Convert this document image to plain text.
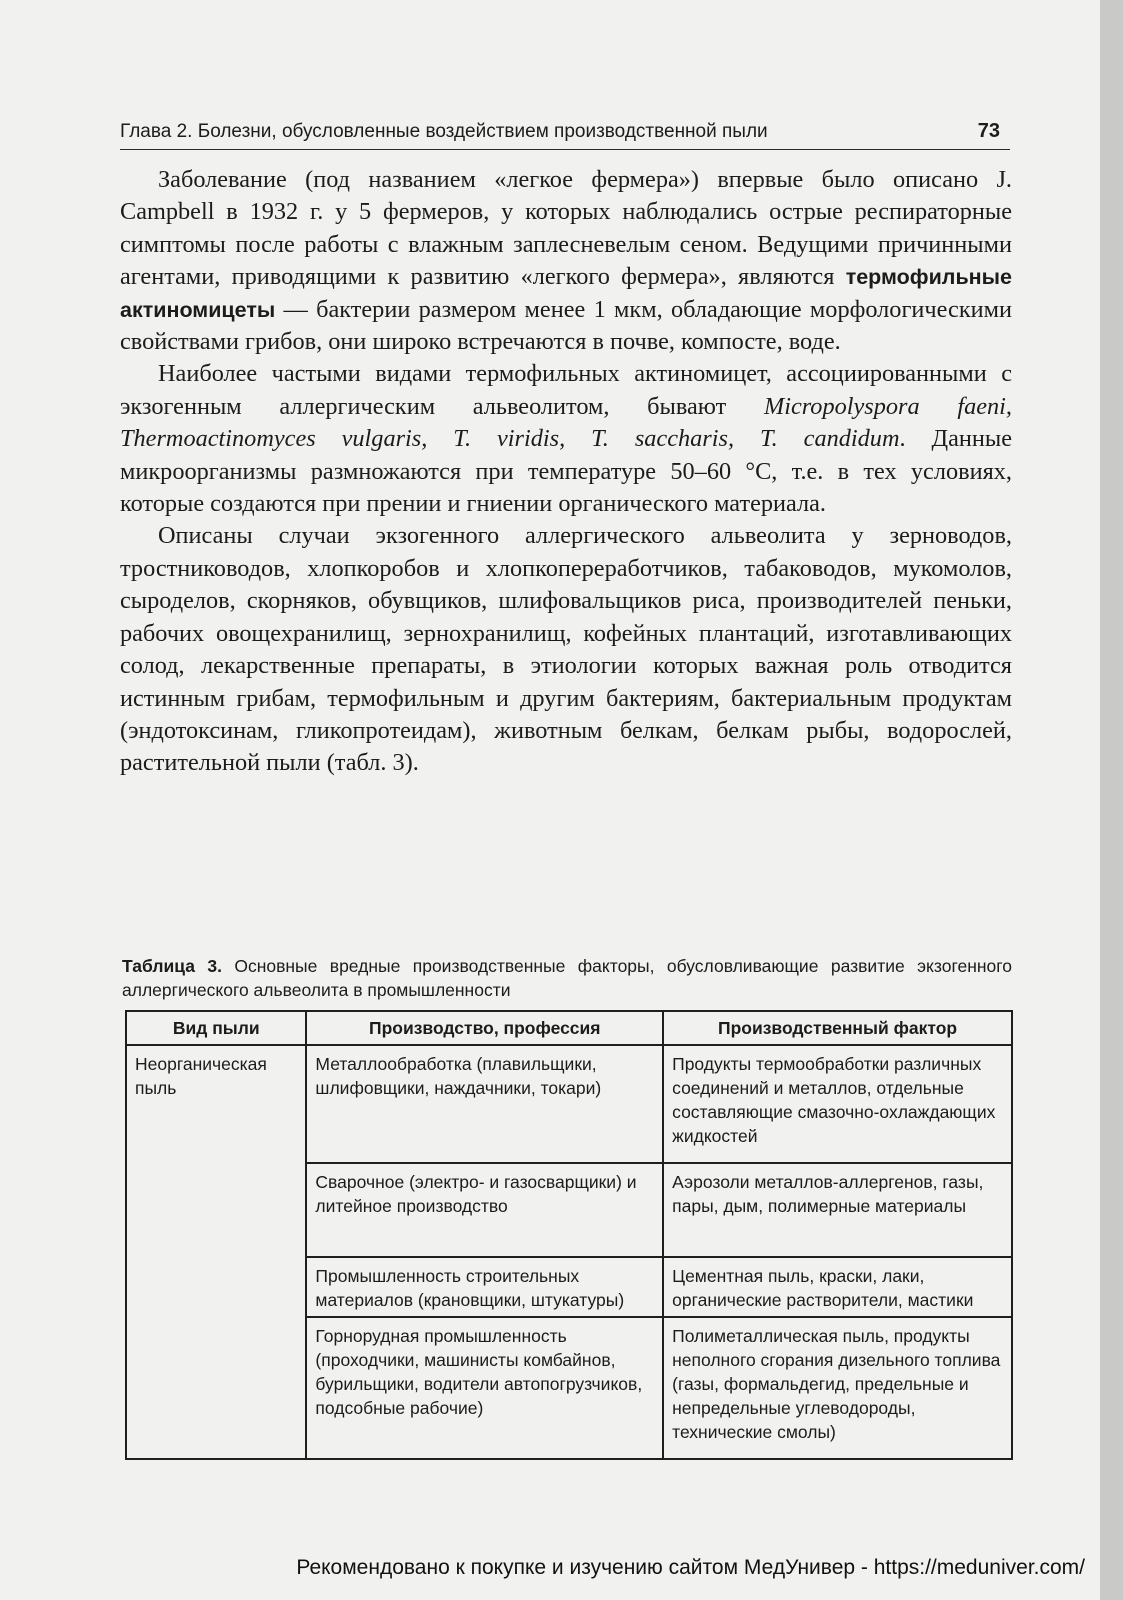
Глава 2. Болезни, обусловленные воздействием производственной пыли	73

Заболевание (под названием «легкое фермера») впервые было описано J. Campbell в 1932 г. у 5 фермеров, у которых наблюдались острые респираторные симптомы после работы с влажным заплесневелым сеном. Ведущими причинными агентами, приводящими к развитию «легкого фермера», являются термофильные актиномицеты — бактерии размером менее 1 мкм, обладающие морфологическими свойствами грибов, они широко встречаются в почве, компосте, воде.

Наиболее частыми видами термофильных актиномицет, ассоциированными с экзогенным аллергическим альвеолитом, бывают Micropolyspora faeni, Thermoactinomyces vulgaris, T. viridis, T. saccharis, T. candidum. Данные микроорганизмы размножаются при температуре 50–60 °С, т.е. в тех условиях, которые создаются при прении и гниении органического материала.

Описаны случаи экзогенного аллергического альвеолита у зерноводов, тростниководов, хлопкоробов и хлопкопереработчиков, табаководов, мукомолов, сыроделов, скорняков, обувщиков, шлифовальщиков риса, производителей пеньки, рабочих овощехранилищ, зернохранилищ, кофейных плантаций, изготавливающих солод, лекарственные препараты, в этиологии которых важная роль отводится истинным грибам, термофильным и другим бактериям, бактериальным продуктам (эндотоксинам, гликопротеидам), животным белкам, белкам рыбы, водорослей, растительной пыли (табл. 3).

Таблица 3. Основные вредные производственные факторы, обусловливающие развитие экзогенного аллергического альвеолита в промышленности
Вид пыли	Производство, профессия	Производственный фактор
Неорганическая пыль	Металлообработка (плавильщики, шлифовщики, наждачники, токари)	Продукты термообработки различных соединений и металлов, отдельные составляющие смазочно-охлаждающих жидкостей
	Сварочное (электро- и газосварщики) и литейное производство	Аэрозоли металлов-аллергенов, газы, пары, дым, полимерные материалы
	Промышленность строительных материалов (крановщики, штукатуры)	Цементная пыль, краски, лаки, органические растворители, мастики
	Горнорудная промышленность (проходчики, машинисты комбайнов, бурильщики, водители автопогрузчиков, подсобные рабочие)	Полиметаллическая пыль, продукты неполного сгорания дизельного топлива (газы, формальдегид, предельные и непредельные углеводороды, технические смолы)
Рекомендовано к покупке и изучению сайтом МедУнивер - https://meduniver.com/
